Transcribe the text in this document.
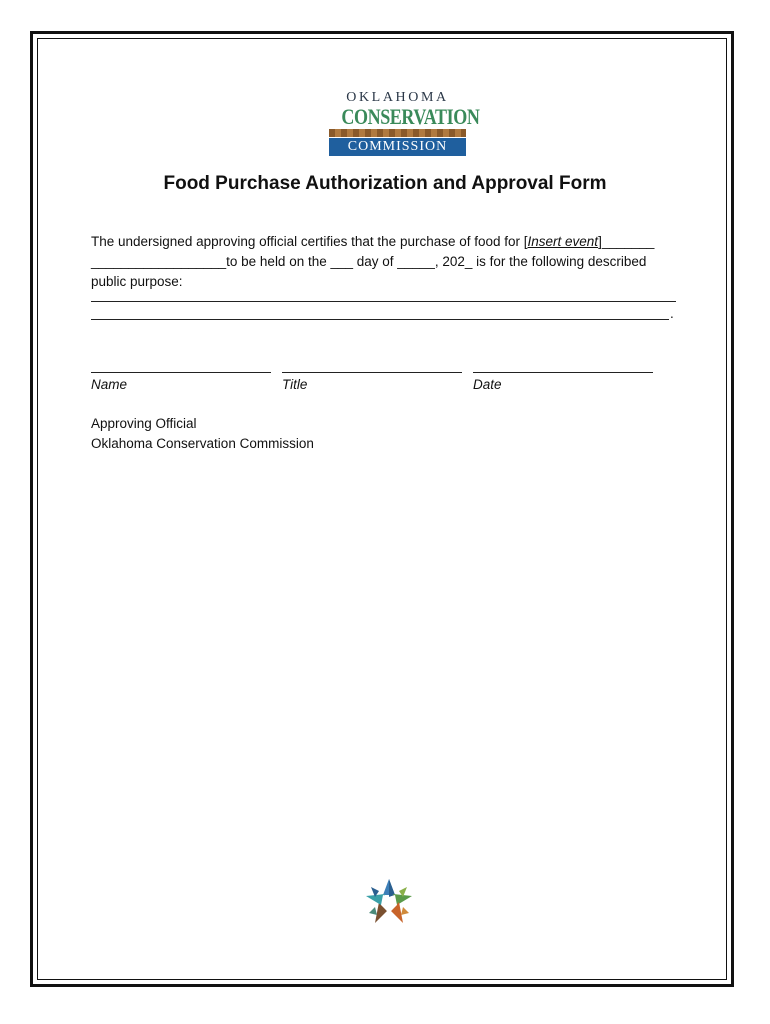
OKLAHOMA
CONSERVATION
COMMISSION
Food Purchase Authorization and Approval Form
The undersigned approving official certifies that the purchase of food for [Insert event]_______ __________________to be held on the ___ day of _____, 202_ is for the following described public purpose:
.
Name	Title	Date
Approving Official
Oklahoma Conservation Commission
